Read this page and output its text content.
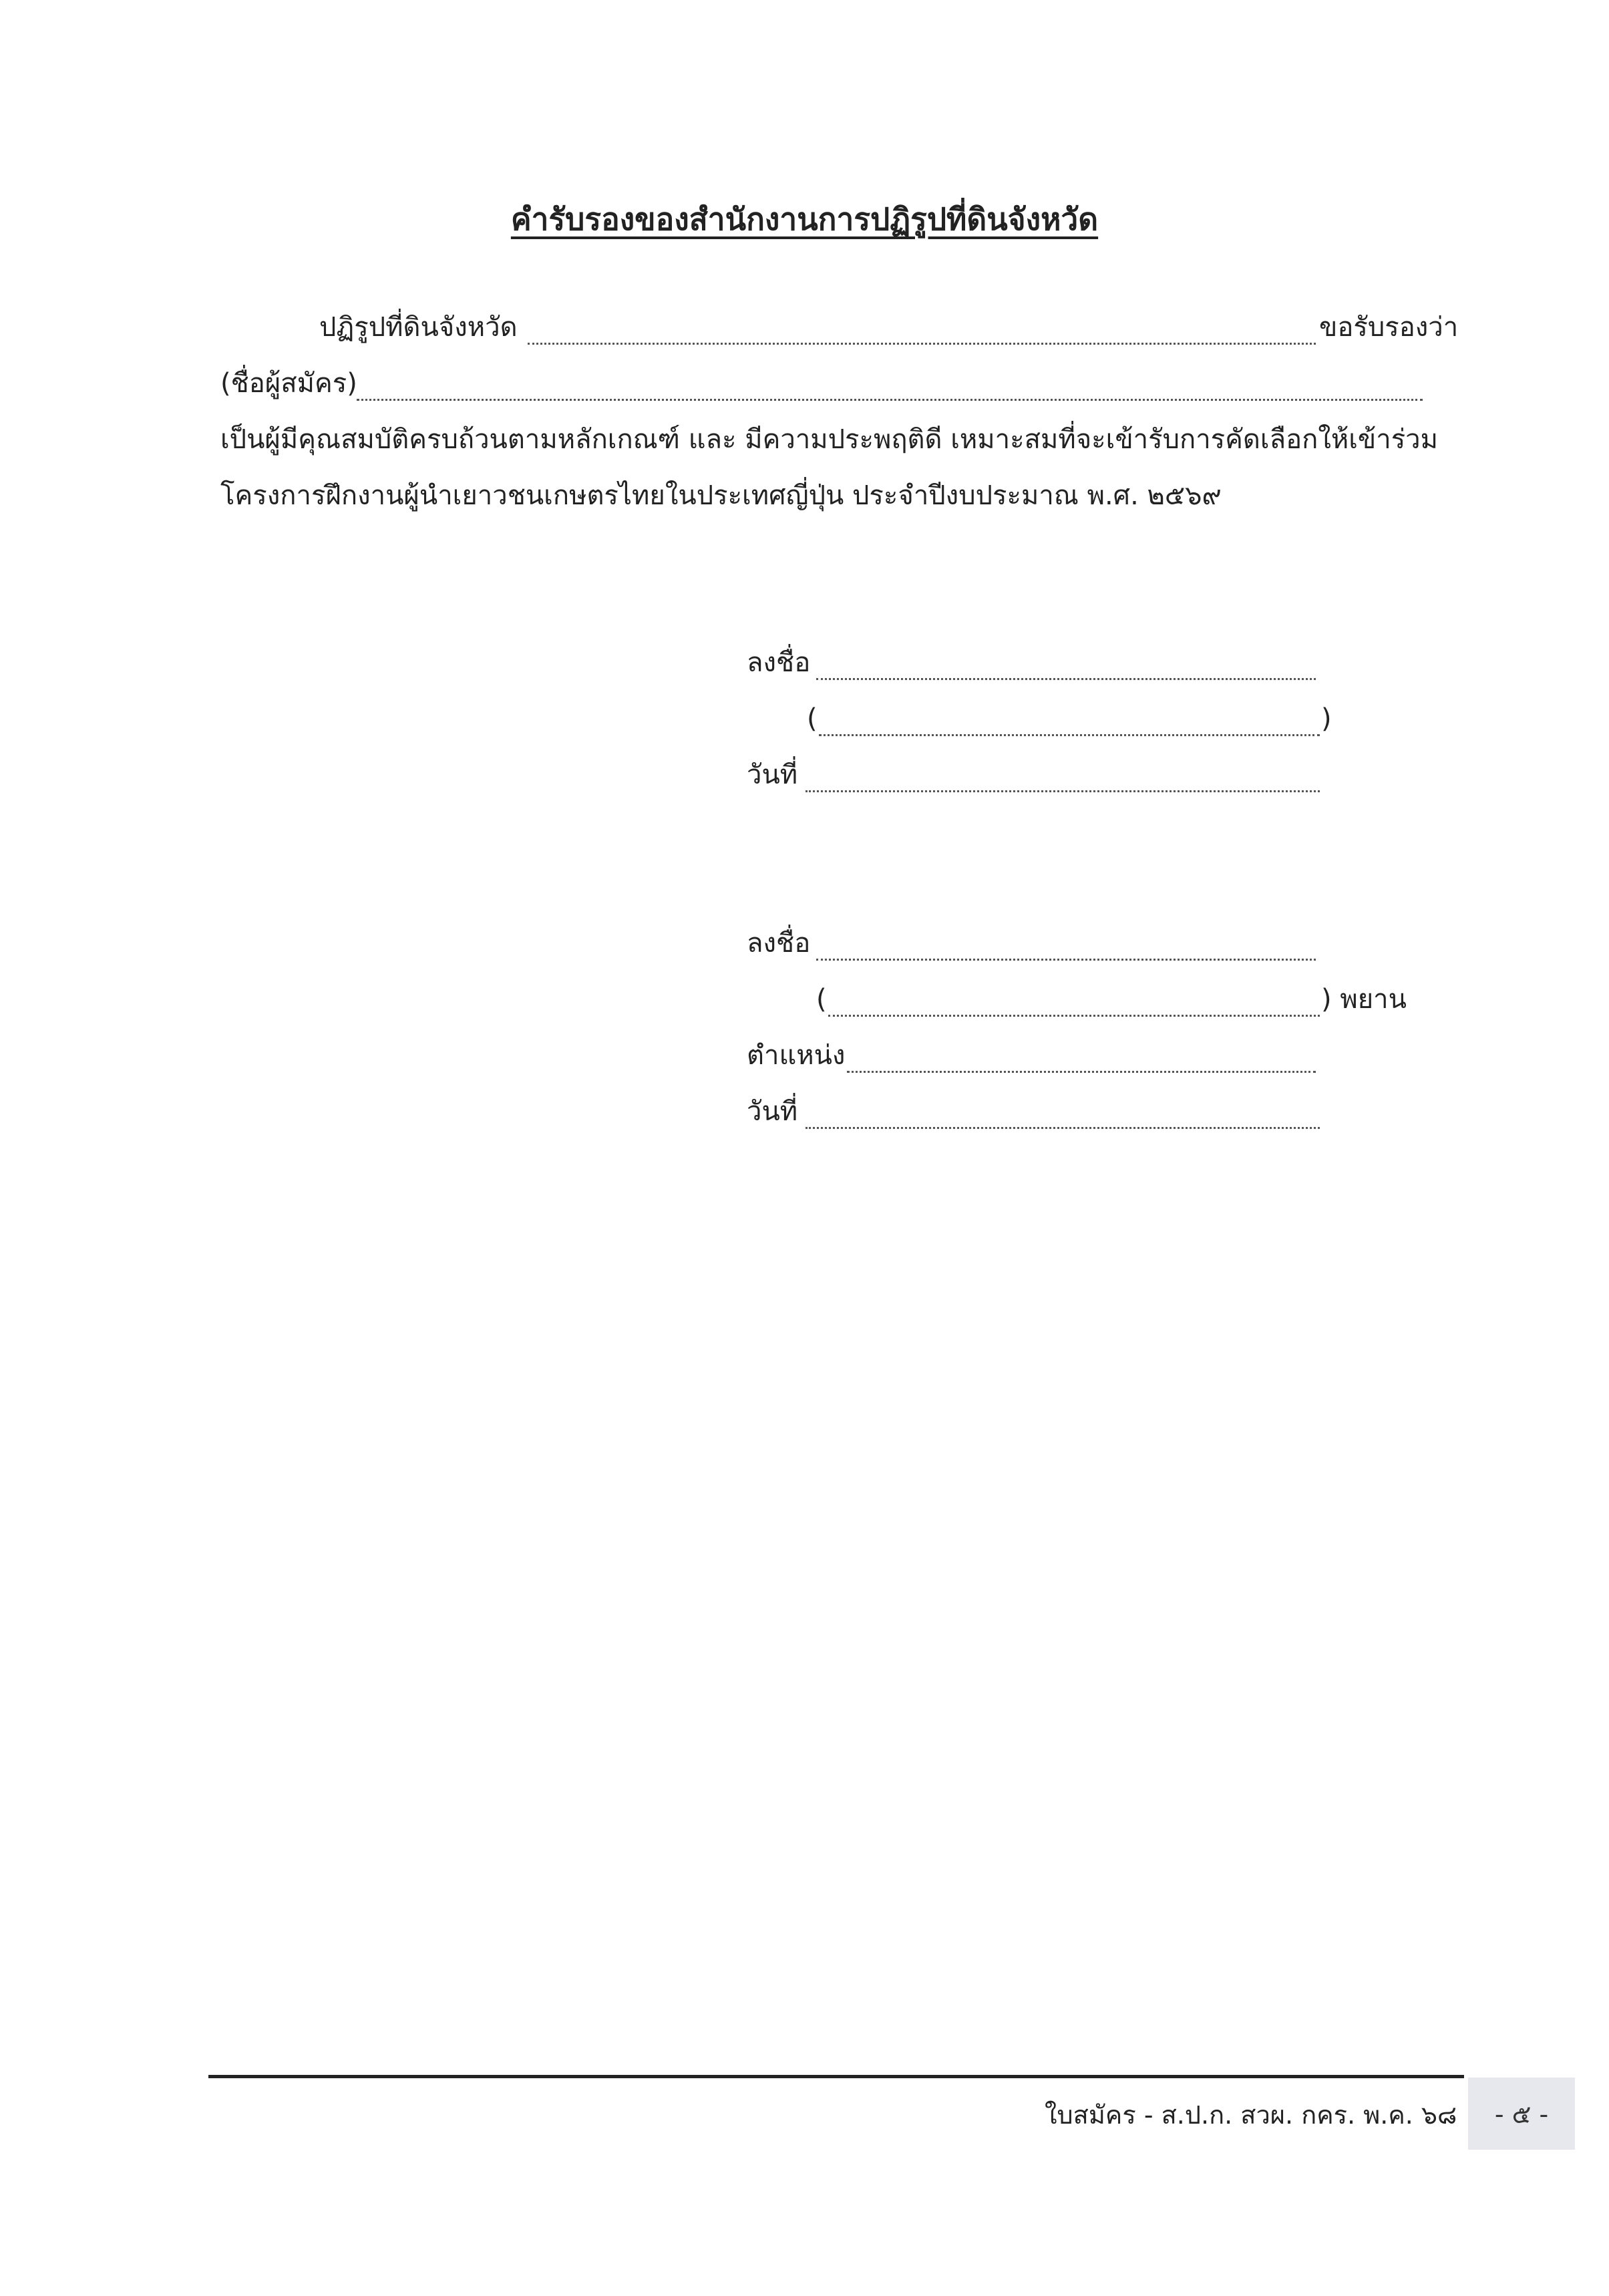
คำรับรองของสำนักงานการปฏิรูปที่ดินจังหวัด
ปฏิรูปที่ดินจังหวัด	ขอรับรองว่า
(ชื่อผู้สมัคร)
เป็นผู้มีคุณสมบัติครบถ้วนตามหลักเกณฑ์ และ มีความประพฤติดี เหมาะสมที่จะเข้ารับการคัดเลือกให้เข้าร่วม
โครงการฝึกงานผู้นำเยาวชนเกษตรไทยในประเทศญี่ปุ่น ประจำปีงบประมาณ พ.ศ. ๒๕๖๙
ลงชื่อ
(	)
วันที่
ลงชื่อ
(	) พยาน
ตำแหน่ง
วันที่
ใบสมัคร - ส.ป.ก. สวผ. กคร. พ.ค. ๖๘ - ๕ -
